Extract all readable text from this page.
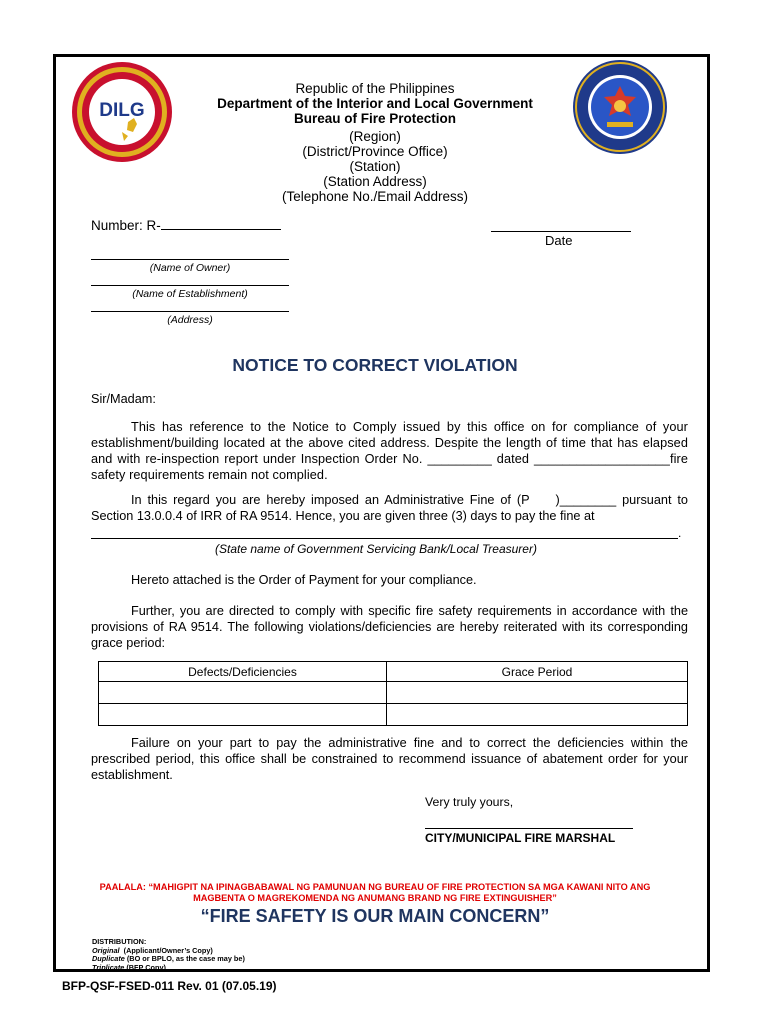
DILG
Republic of the Philippines
Department of the Interior and Local Government
Bureau of Fire Protection
(Region)
(District/Province Office)
(Station)
(Station Address)
(Telephone No./Email Address)
Number: R-
Date
(Name of Owner)
(Name of Establishment)
(Address)
NOTICE TO CORRECT VIOLATION
Sir/Madam:
This has reference to the Notice to Comply issued by this office on for compliance of your establishment/building located at the above cited address. Despite the length of time that has elapsed and with re-inspection report under Inspection Order No. _________ dated ___________________fire safety requirements remain not complied.
In this regard you are hereby imposed an Administrative Fine of (P )________ pursuant to Section 13.0.0.4 of IRR of RA 9514. Hence, you are given three (3) days to pay the fine at
.
(State name of Government Servicing Bank/Local Treasurer)
Hereto attached is the Order of Payment for your compliance.
Further, you are directed to comply with specific fire safety requirements in accordance with the provisions of RA 9514. The following violations/deficiencies are hereby reiterated with its corresponding grace period:
Defects/Deficiencies	Grace Period

Failure on your part to pay the administrative fine and to correct the deficiencies within the prescribed period, this office shall be constrained to recommend issuance of abatement order for your establishment.
Very truly yours,
CITY/MUNICIPAL FIRE MARSHAL
PAALALA: “MAHIGPIT NA IPINAGBABAWAL NG PAMUNUAN NG BUREAU OF FIRE PROTECTION SA MGA KAWANI NITO ANG
MAGBENTA O MAGREKOMENDA NG ANUMANG BRAND NG FIRE EXTINGUISHER”
“FIRE SAFETY IS OUR MAIN CONCERN”
DISTRIBUTION:
Original (Applicant/Owner’s Copy)
Duplicate (BO or BPLO, as the case may be)
Triplicate (BFP Copy)
BFP-QSF-FSED-011 Rev. 01 (07.05.19)
